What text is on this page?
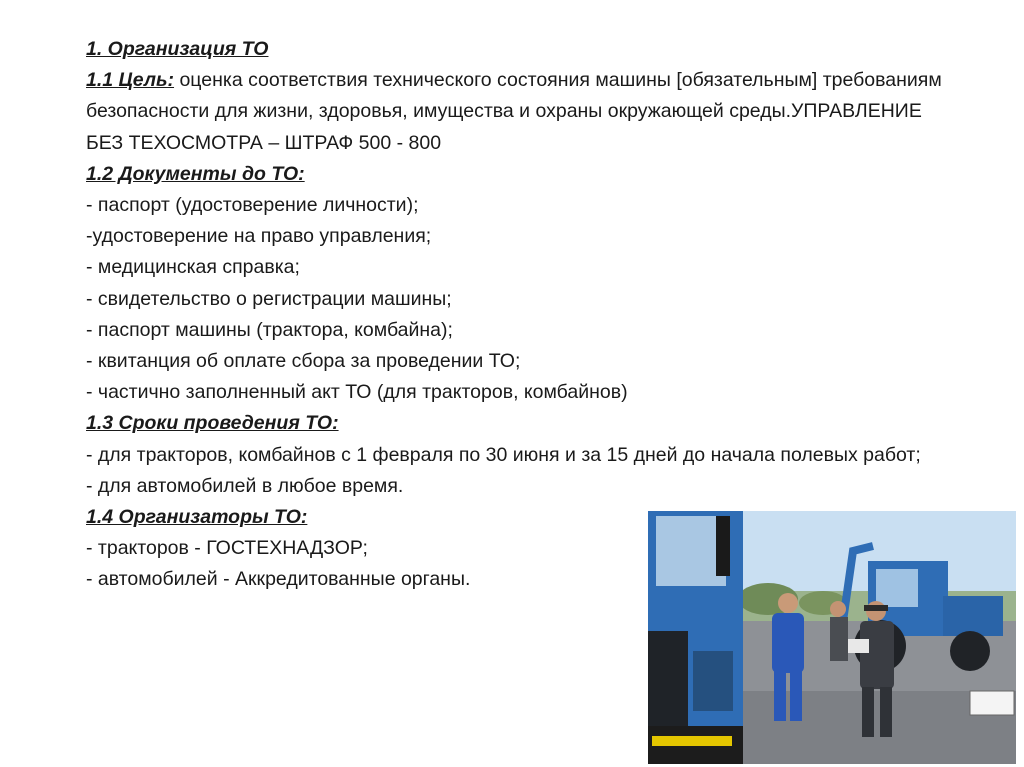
1. Организация ТО
1.1 Цель: оценка соответствия технического состояния машины [обязательным] требованиям безопасности для жизни, здоровья, имущества и охраны окружающей среды.УПРАВЛЕНИЕ БЕЗ ТЕХОСМОТРА – ШТРАФ 500 - 800
1.2 Документы до ТО:
- паспорт (удостоверение личности);
-удостоверение на право управления;
- медицинская справка;
- свидетельство о регистрации машины;
- паспорт машины (трактора, комбайна);
- квитанция об оплате сбора за проведении ТО;
- частично заполненный акт ТО (для тракторов, комбайнов)
1.3 Сроки проведения ТО:
- для тракторов, комбайнов с 1 февраля по 30 июня и за 15 дней до начала полевых работ;
- для автомобилей в любое время.
1.4 Организаторы ТО:
- тракторов - ГОСТЕХНАДЗОР;
- автомобилей - Аккредитованные органы.
